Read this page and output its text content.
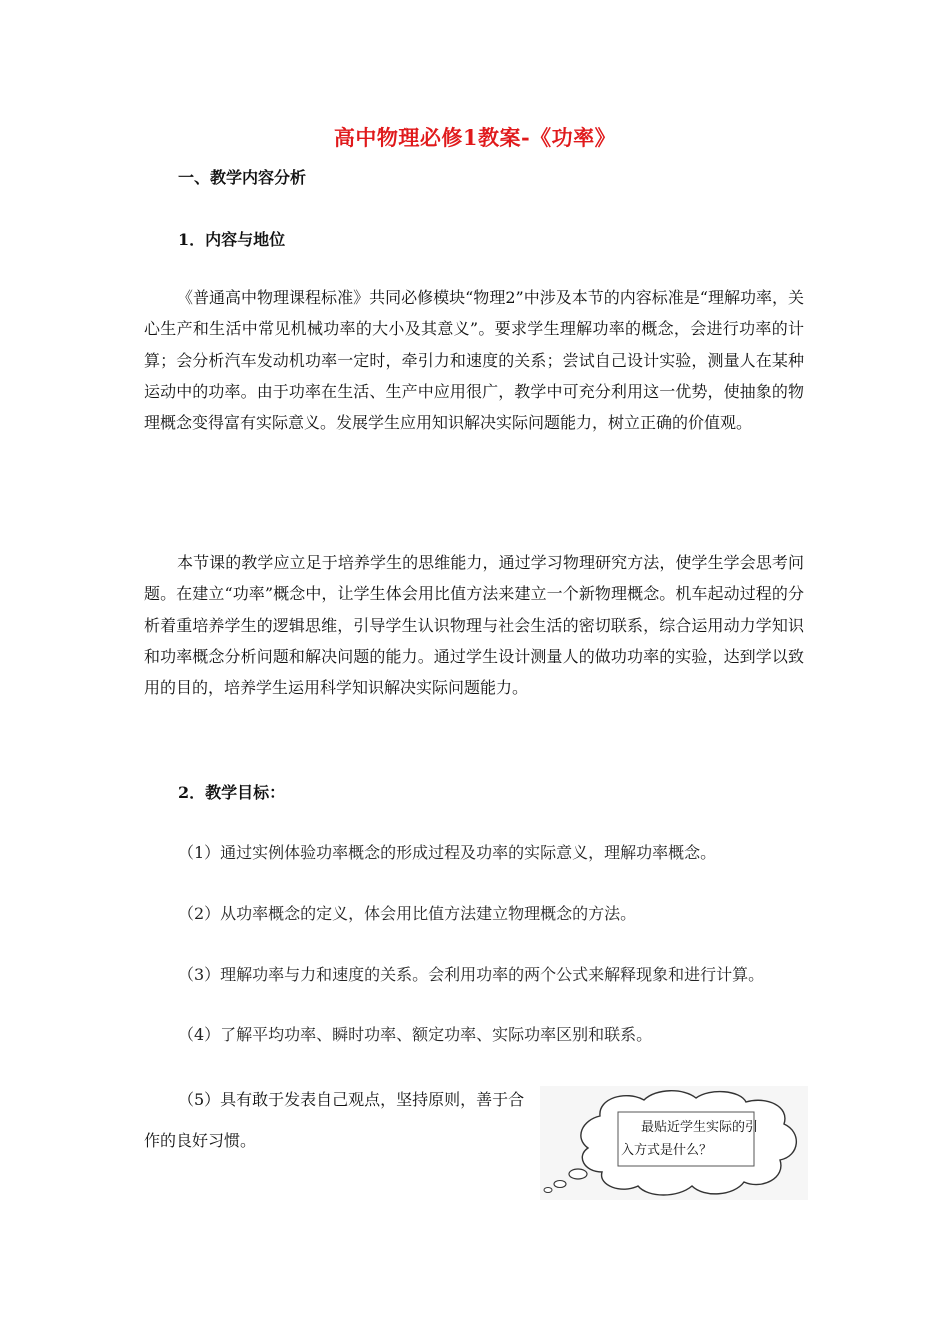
高中物理必修1教案-《功率》
一、教学内容分析
1．内容与地位
《普通高中物理课程标准》共同必修模块“物理2”中涉及本节的内容标准是“理解功率，关心生产和生活中常见机械功率的大小及其意义”。要求学生理解功率的概念，会进行功率的计算；会分析汽车发动机功率一定时，牵引力和速度的关系；尝试自己设计实验，测量人在某种运动中的功率。由于功率在生活、生产中应用很广，教学中可充分利用这一优势，使抽象的物理概念变得富有实际意义。发展学生应用知识解决实际问题能力，树立正确的价值观。
本节课的教学应立足于培养学生的思维能力，通过学习物理研究方法，使学生学会思考问题。在建立“功率”概念中，让学生体会用比值方法来建立一个新物理概念。机车起动过程的分析着重培养学生的逻辑思维，引导学生认识物理与社会生活的密切联系，综合运用动力学知识和功率概念分析问题和解决问题的能力。通过学生设计测量人的做功功率的实验，达到学以致用的目的，培养学生运用科学知识解决实际问题能力。
2．教学目标：
（1）通过实例体验功率概念的形成过程及功率的实际意义，理解功率概念。
（2）从功率概念的定义，体会用比值方法建立物理概念的方法。
（3）理解功率与力和速度的关系。会利用功率的两个公式来解释现象和进行计算。
（4）了解平均功率、瞬时功率、额定功率、实际功率区别和联系。
（5）具有敢于发表自己观点，坚持原则，善于合作的良好习惯。
最贴近学生实际的引
入方式是什么？
